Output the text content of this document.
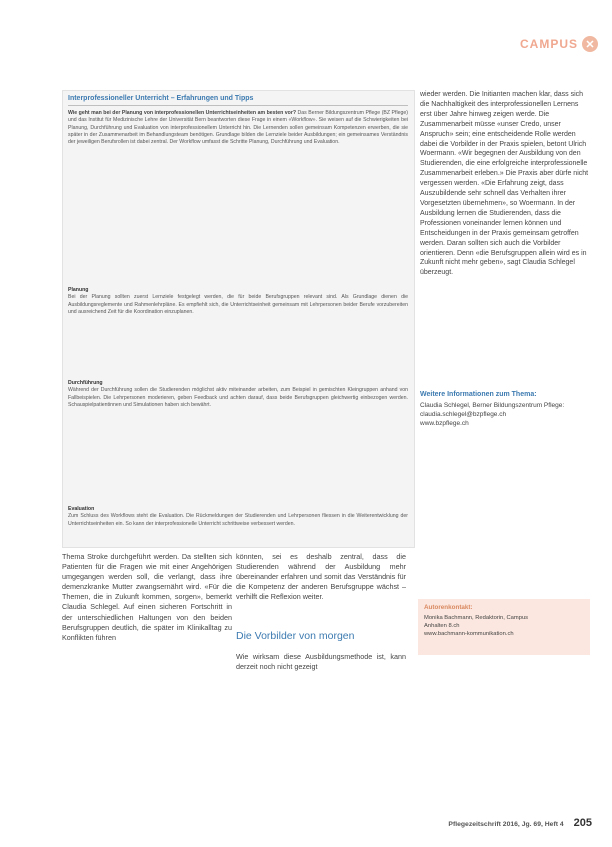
CAMPUS ✕
Interprofessioneller Unterricht – Erfahrungen und Tipps
Wie geht man bei der Planung von interprofessionellen Unterrichtseinheiten am besten vor? Das Berner Bildungszentrum Pflege (BZ Pflege) und das Institut für Medizinische Lehre der Universität Bern beantworten diese Frage in einem «Workflow». Sie weisen auf die Schwierigkeiten bei Planung, Durchführung und Evaluation von interprofessionellem Unterricht hin. Die Lernenden sollen gemeinsam Kompetenzen erwerben, die sie später in der Zusammenarbeit im Behandlungsteam benötigen. Grundlage bilden die Lernziele beider Ausbildungen; ein gemeinsames Verständnis der jeweiligen Berufsrollen ist dabei zentral. Der Workflow umfasst die Schritte Planung, Durchführung und Evaluation.
Planung
Bei der Planung sollten zuerst Lernziele festgelegt werden, die für beide Berufsgruppen relevant sind. Als Grundlage dienen die Ausbildungsreglemente und Rahmenlehrpläne. Es empfiehlt sich, die Unterrichtseinheit gemeinsam mit Lehrpersonen beider Berufe vorzubereiten und ausreichend Zeit für die Koordination einzuplanen.
Durchführung
Während der Durchführung sollen die Studierenden möglichst aktiv miteinander arbeiten, zum Beispiel in gemischten Kleingruppen anhand von Fallbeispielen. Die Lehrpersonen moderieren, geben Feedback und achten darauf, dass beide Berufsgruppen gleichwertig einbezogen werden. Schauspielpatientinnen und Simulationen haben sich bewährt.
Evaluation
Zum Schluss des Workflows steht die Evaluation. Die Rückmeldungen der Studierenden und Lehrpersonen fliessen in die Weiterentwicklung der Unterrichtseinheiten ein. So kann der interprofessionelle Unterricht schrittweise verbessert werden.
wieder werden. Die Initianten machen klar, dass sich die Nachhaltigkeit des interprofessionellen Lernens erst über Jahre hinweg zeigen werde. Die Zusammenarbeit müsse «unser Credo, unser Anspruch» sein; eine entscheidende Rolle werden dabei die Vorbilder in der Praxis spielen, betont Ulrich Woermann. «Wir begegnen der Ausbildung von den Studierenden, die eine erfolgreiche interprofessionelle Zusammenarbeit erleben.» Die Praxis aber dürfe nicht vergessen werden. «Die Erfahrung zeigt, dass Auszubildende sehr schnell das Verhalten ihrer Vorgesetzten übernehmen», so Woermann. In der Ausbildung lernen die Studierenden, dass die Professionen voneinander lernen können und Entscheidungen in der Praxis gemeinsam getroffen werden. Daran sollten sich auch die Vorbilder orientieren. Denn «die Berufsgruppen allein wird es in Zukunft nicht mehr geben», sagt Claudia Schlegel überzeugt.
Weitere Informationen zum Thema:
Claudia Schlegel, Berner Bildungszentrum Pflege: claudia.schlegel@bzpflege.ch
www.bzpflege.ch
Thema Stroke durchgeführt werden. Da stellten sich Patienten für die Fragen wie mit einer Angehörigen umgegangen werden soll, die verlangt, dass ihre demenzkranke Mutter zwangsernährt wird. «Für die Themen, die in Zukunft kommen, sorgen», bemerkt Claudia Schlegel. Auf einen sicheren Fortschritt in der unterschiedlichen Haltungen von den beiden Berufsgruppen deutlich, die später im Klinikalltag zu Konflikten führen
könnten, sei es deshalb zentral, dass die Studierenden während der Ausbildung mehr übereinander erfahren und somit das Verständnis für die Kompetenz der anderen Berufsgruppe wächst – verhilft die Reflexion weiter.
Die Vorbilder von morgen
Wie wirksam diese Ausbildungsmethode ist, kann derzeit noch nicht gezeigt
Autorenkontakt:
Monika Bachmann, Redaktorin, Campus
Anhalten 8.ch
www.bachmann-kommunikation.ch
Pflegezeitschrift 2016, Jg. 69, Heft 4 205
